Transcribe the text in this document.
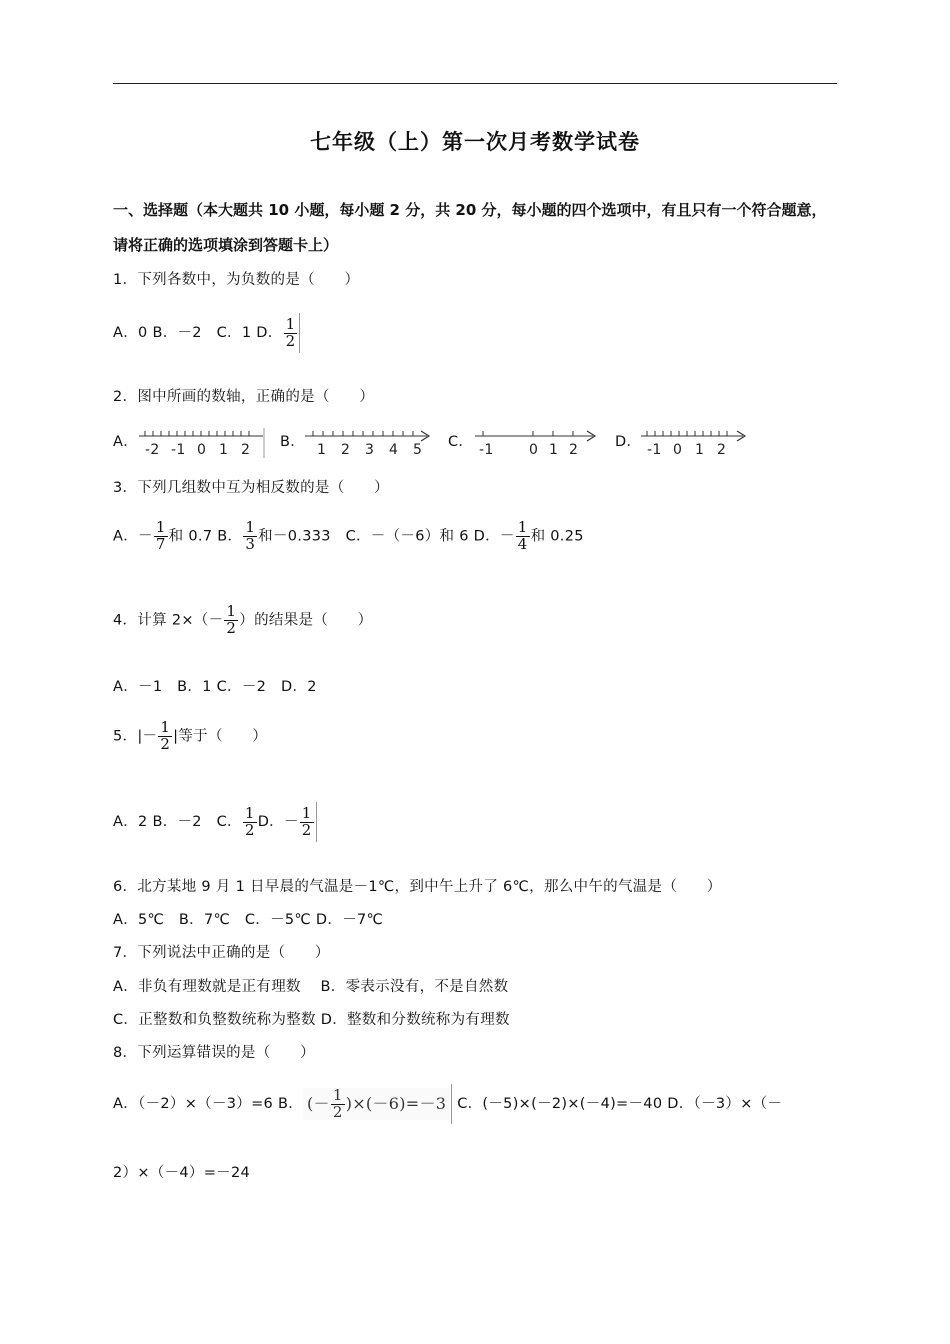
七年级（上）第一次月考数学试卷
一、选择题（本大题共 10 小题，每小题 2 分，共 20 分，每小题的四个选项中，有且只有一个符合题意，
请将正确的选项填涂到答题卡上）
1．下列各数中，为负数的是（　　）
A．0 B．－2　C．1 D． $\frac{1}{2}$
2．图中所画的数轴，正确的是（　　）
A． -2 -1 0 1 2 B． 1 2 3 4 5 C． -1	0 1 2	D． -1 0 1 2
3．下列几组数中互为相反数的是（　　）
A．－ $\frac{1}{7}$ 和 0.7 B． $\frac{1}{3}$ 和－0.333　C．－（－6）和 6 D．－ $\frac{1}{4}$ 和 0.25
4．计算 $2\times(- \frac{1}{2}$ ）的结果是（　　）
A．－1　B．1 C．－2　D．2
5．|－ $\frac{1}{2}$ |等于（　　）
A．2 B．－2　C． $\frac{1}{2}$ D．－ $\frac{1}{2}$
6．北方某地 9 月 1 日早晨的气温是－1℃，到中午上升了 6℃，那么中午的气温是（　　）
A．5℃　B．7℃　C．－5℃ D．－7℃
7．下列说法中正确的是（　　）
A．非负有理数就是正有理数　 B．零表示没有，不是自然数
C．正整数和负整数统称为整数 D．整数和分数统称为有理数
8．下列运算错误的是（　　）
A．（－2）×（－3）=6 B． (－ $\frac{1}{2} )\times(-6)=-3$ C．(－5)×(－2)×(－4)=－40 D．（－3）×（－
2）×（－4）=－24
